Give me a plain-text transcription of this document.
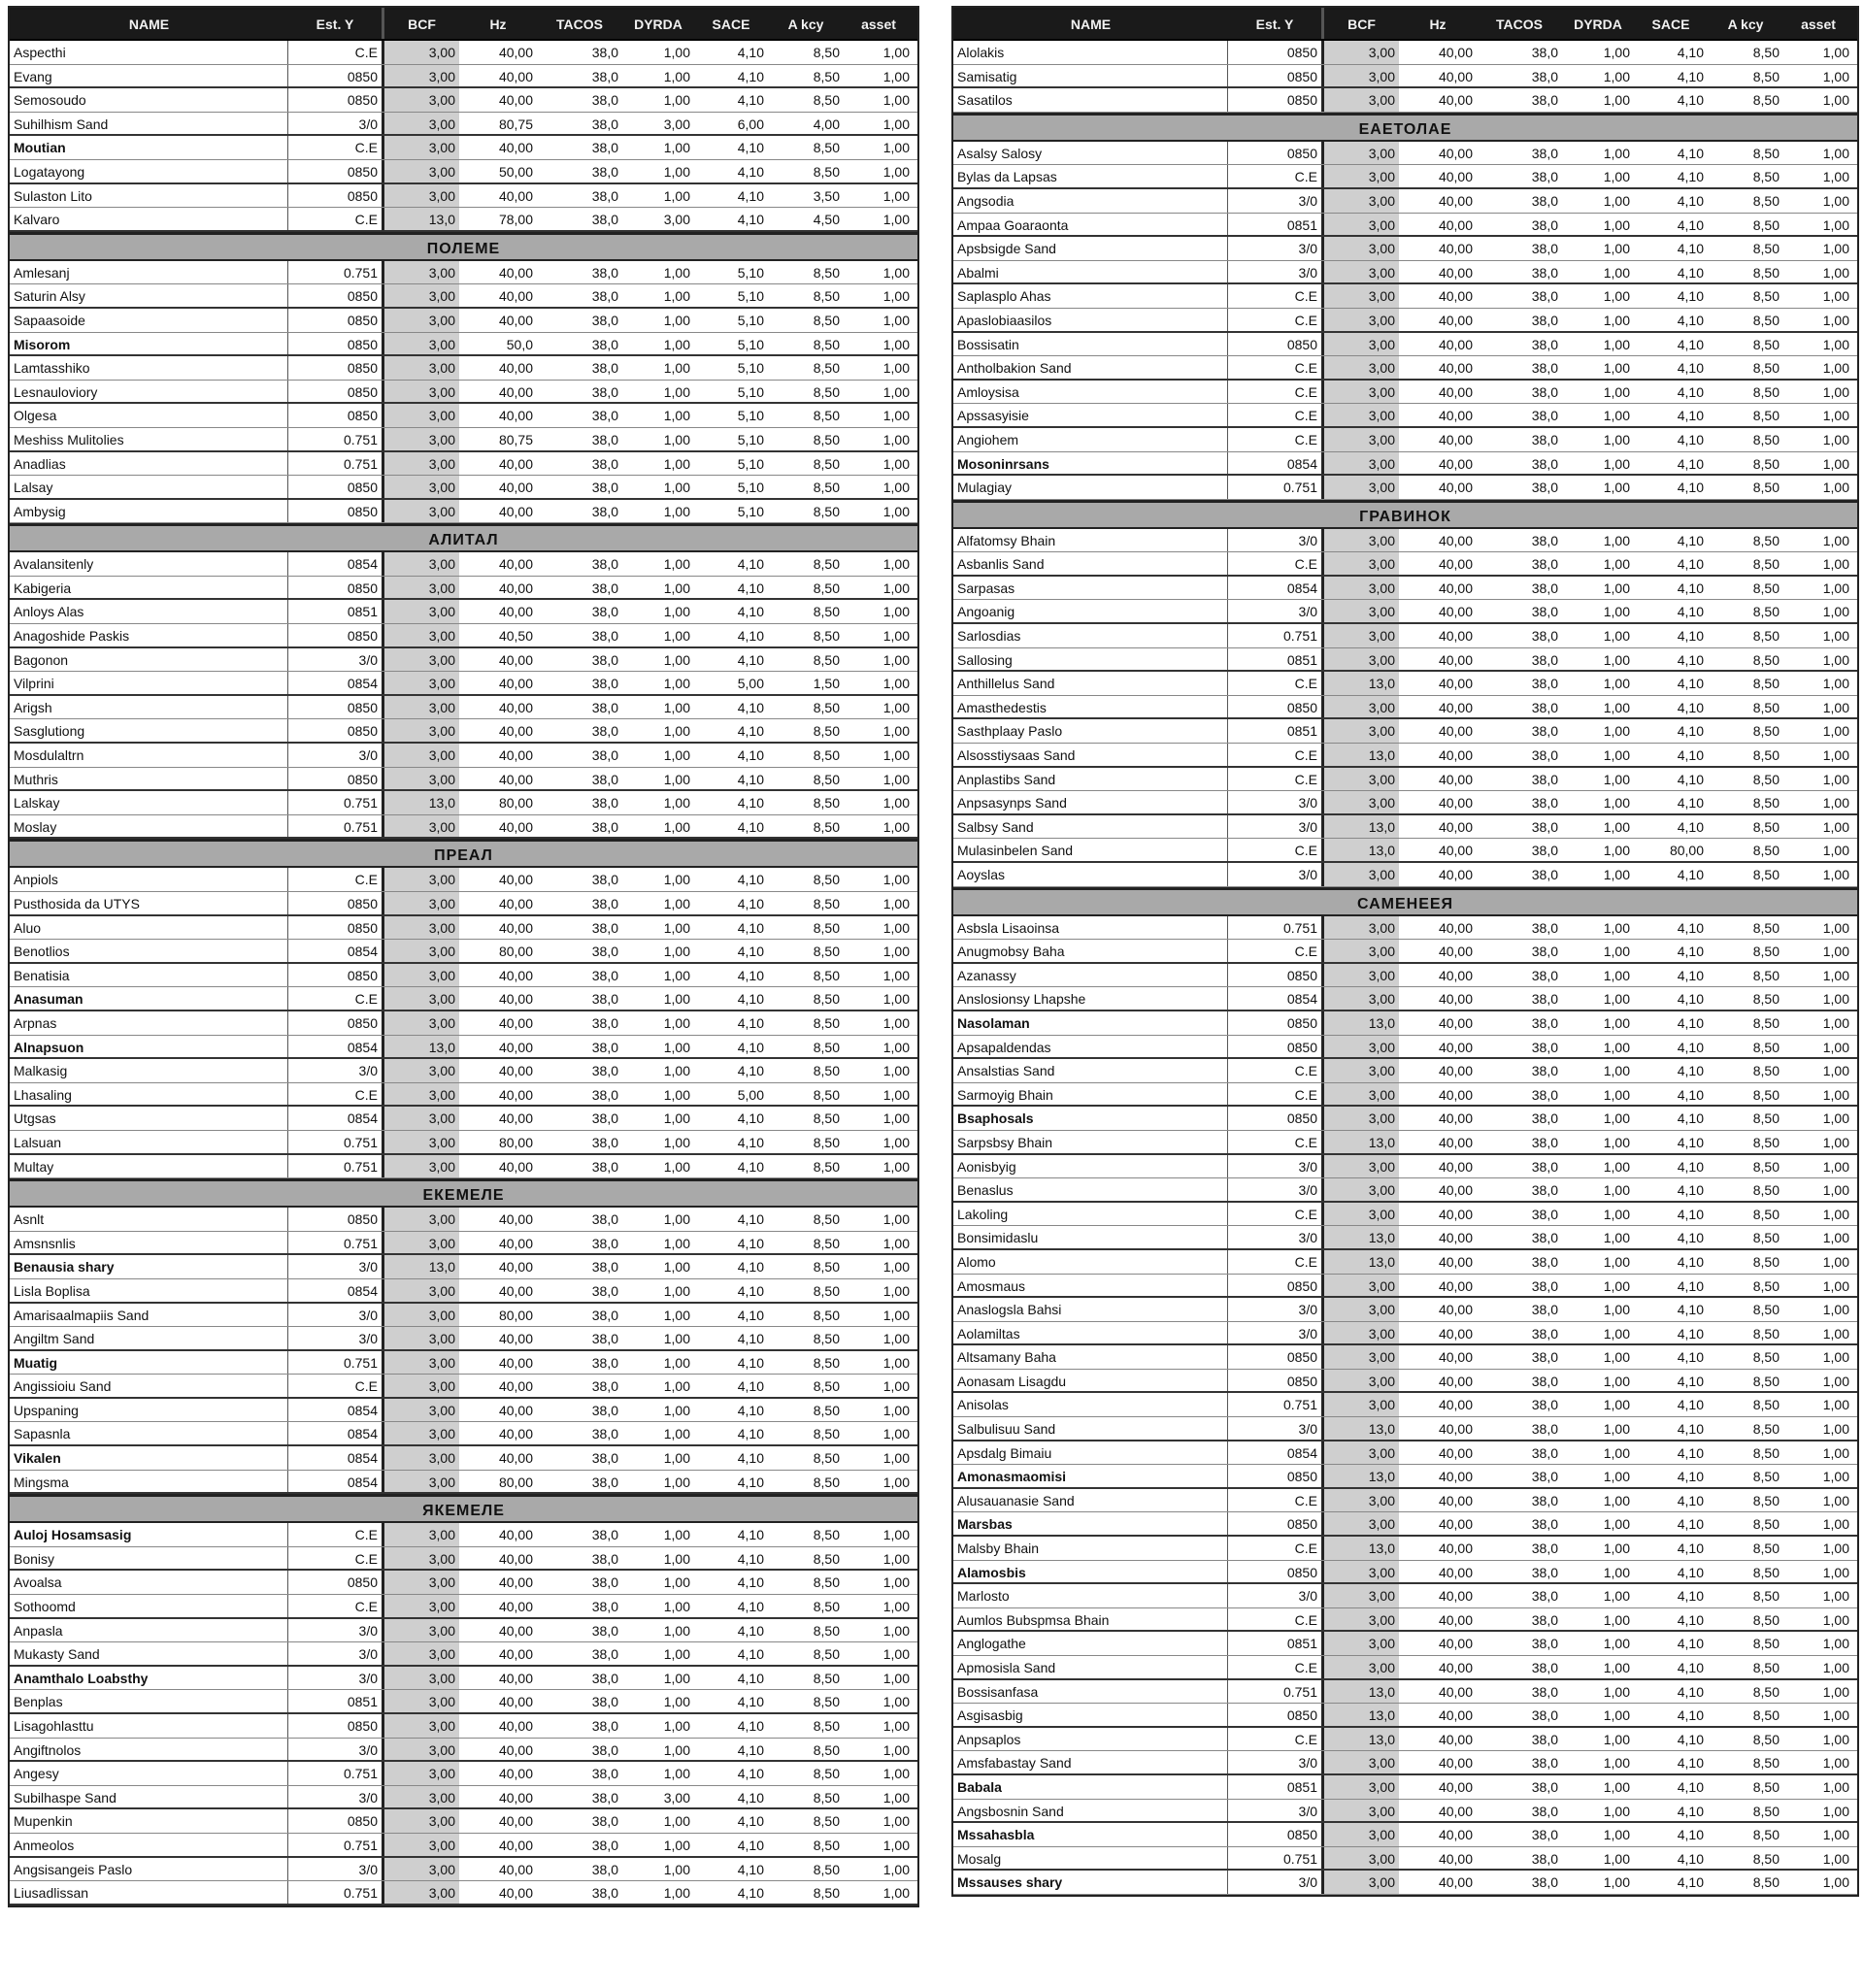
NAME	Est. Y	BCF	Hz	TACOS	DYRDA	SACE	A kcy	asset
Aspecthi	C.E	3,00	40,00	38,0	1,00	4,10	8,50	1,00
Evang	0850	3,00	40,00	38,0	1,00	4,10	8,50	1,00
Semosoudo	0850	3,00	40,00	38,0	1,00	4,10	8,50	1,00
Suhilhism Sand	3/0	3,00	80,75	38,0	3,00	6,00	4,00	1,00
Moutian	C.E	3,00	40,00	38,0	1,00	4,10	8,50	1,00
Logatayong	0850	3,00	50,00	38,0	1,00	4,10	8,50	1,00
Sulaston Lito	0850	3,00	40,00	38,0	1,00	4,10	3,50	1,00
Kalvaro	C.E	13,0	78,00	38,0	3,00	4,10	4,50	1,00
ПОЛЕМЕ
Amlesanj	0.751	3,00	40,00	38,0	1,00	5,10	8,50	1,00
Saturin Alsy	0850	3,00	40,00	38,0	1,00	5,10	8,50	1,00
Sapaasoide	0850	3,00	40,00	38,0	1,00	5,10	8,50	1,00
Misorom	0850	3,00	50,0	38,0	1,00	5,10	8,50	1,00
Lamtasshiko	0850	3,00	40,00	38,0	1,00	5,10	8,50	1,00
Lesnauloviory	0850	3,00	40,00	38,0	1,00	5,10	8,50	1,00
Olgesa	0850	3,00	40,00	38,0	1,00	5,10	8,50	1,00
Meshiss Mulitolies	0.751	3,00	80,75	38,0	1,00	5,10	8,50	1,00
Anadlias	0.751	3,00	40,00	38,0	1,00	5,10	8,50	1,00
Lalsay	0850	3,00	40,00	38,0	1,00	5,10	8,50	1,00
Ambysig	0850	3,00	40,00	38,0	1,00	5,10	8,50	1,00
АЛИТАЛ
Avalansitenly	0854	3,00	40,00	38,0	1,00	4,10	8,50	1,00
Kabigeria	0850	3,00	40,00	38,0	1,00	4,10	8,50	1,00
Anloys Alas	0851	3,00	40,00	38,0	1,00	4,10	8,50	1,00
Anagoshide Paskis	0850	3,00	40,50	38,0	1,00	4,10	8,50	1,00
Bagonon	3/0	3,00	40,00	38,0	1,00	4,10	8,50	1,00
Vilprini	0854	3,00	40,00	38,0	1,00	5,00	1,50	1,00
Arigsh	0850	3,00	40,00	38,0	1,00	4,10	8,50	1,00
Sasglutiong	0850	3,00	40,00	38,0	1,00	4,10	8,50	1,00
Mosdulaltrn	3/0	3,00	40,00	38,0	1,00	4,10	8,50	1,00
Muthris	0850	3,00	40,00	38,0	1,00	4,10	8,50	1,00
Lalskay	0.751	13,0	80,00	38,0	1,00	4,10	8,50	1,00
Moslay	0.751	3,00	40,00	38,0	1,00	4,10	8,50	1,00
ПРЕАЛ
Anpiols	C.E	3,00	40,00	38,0	1,00	4,10	8,50	1,00
Pusthosida da UTYS	0850	3,00	40,00	38,0	1,00	4,10	8,50	1,00
Aluo	0850	3,00	40,00	38,0	1,00	4,10	8,50	1,00
Benotlios	0854	3,00	80,00	38,0	1,00	4,10	8,50	1,00
Benatisia	0850	3,00	40,00	38,0	1,00	4,10	8,50	1,00
Anasuman	C.E	3,00	40,00	38,0	1,00	4,10	8,50	1,00
Arpnas	0850	3,00	40,00	38,0	1,00	4,10	8,50	1,00
Alnapsuon	0854	13,0	40,00	38,0	1,00	4,10	8,50	1,00
Malkasig	3/0	3,00	40,00	38,0	1,00	4,10	8,50	1,00
Lhasaling	C.E	3,00	40,00	38,0	1,00	5,00	8,50	1,00
Utgsas	0854	3,00	40,00	38,0	1,00	4,10	8,50	1,00
Lalsuan	0.751	3,00	80,00	38,0	1,00	4,10	8,50	1,00
Multay	0.751	3,00	40,00	38,0	1,00	4,10	8,50	1,00
ЕКЕМЕЛЕ
Asnlt	0850	3,00	40,00	38,0	1,00	4,10	8,50	1,00
Amsnsnlis	0.751	3,00	40,00	38,0	1,00	4,10	8,50	1,00
Benausia shary	3/0	13,0	40,00	38,0	1,00	4,10	8,50	1,00
Lisla Boplisa	0854	3,00	40,00	38,0	1,00	4,10	8,50	1,00
Amarisaalmapiis Sand	3/0	3,00	80,00	38,0	1,00	4,10	8,50	1,00
Angiltm Sand	3/0	3,00	40,00	38,0	1,00	4,10	8,50	1,00
Muatig	0.751	3,00	40,00	38,0	1,00	4,10	8,50	1,00
Angissioiu Sand	C.E	3,00	40,00	38,0	1,00	4,10	8,50	1,00
Upspaning	0854	3,00	40,00	38,0	1,00	4,10	8,50	1,00
Sapasnla	0854	3,00	40,00	38,0	1,00	4,10	8,50	1,00
Vikalen	0854	3,00	40,00	38,0	1,00	4,10	8,50	1,00
Mingsma	0854	3,00	80,00	38,0	1,00	4,10	8,50	1,00
ЯКЕМЕЛЕ
Auloj Hosamsasig	C.E	3,00	40,00	38,0	1,00	4,10	8,50	1,00
Bonisy	C.E	3,00	40,00	38,0	1,00	4,10	8,50	1,00
Avoalsa	0850	3,00	40,00	38,0	1,00	4,10	8,50	1,00
Sothoomd	C.E	3,00	40,00	38,0	1,00	4,10	8,50	1,00
Anpasla	3/0	3,00	40,00	38,0	1,00	4,10	8,50	1,00
Mukasty Sand	3/0	3,00	40,00	38,0	1,00	4,10	8,50	1,00
Anamthalo Loabsthy	3/0	3,00	40,00	38,0	1,00	4,10	8,50	1,00
Benplas	0851	3,00	40,00	38,0	1,00	4,10	8,50	1,00
Lisagohlasttu	0850	3,00	40,00	38,0	1,00	4,10	8,50	1,00
Angiftnolos	3/0	3,00	40,00	38,0	1,00	4,10	8,50	1,00
Angesy	0.751	3,00	40,00	38,0	1,00	4,10	8,50	1,00
Subilhaspe Sand	3/0	3,00	40,00	38,0	3,00	4,10	8,50	1,00
Mupenkin	0850	3,00	40,00	38,0	1,00	4,10	8,50	1,00
Anmeolos	0.751	3,00	40,00	38,0	1,00	4,10	8,50	1,00
Angsisangeis Paslo	3/0	3,00	40,00	38,0	1,00	4,10	8,50	1,00
Liusadlissan	0.751	3,00	40,00	38,0	1,00	4,10	8,50	1,00
NAME	Est. Y	BCF	Hz	TACOS	DYRDA	SACE	A kcy	asset
Alolakis	0850	3,00	40,00	38,0	1,00	4,10	8,50	1,00
Samisatig	0850	3,00	40,00	38,0	1,00	4,10	8,50	1,00
Sasatilos	0850	3,00	40,00	38,0	1,00	4,10	8,50	1,00
ЕАЕТОЛАЕ
Asalsy Salosy	0850	3,00	40,00	38,0	1,00	4,10	8,50	1,00
Bylas da Lapsas	C.E	3,00	40,00	38,0	1,00	4,10	8,50	1,00
Angsodia	3/0	3,00	40,00	38,0	1,00	4,10	8,50	1,00
Ampaa Goaraonta	0851	3,00	40,00	38,0	1,00	4,10	8,50	1,00
Apsbsigde Sand	3/0	3,00	40,00	38,0	1,00	4,10	8,50	1,00
Abalmi	3/0	3,00	40,00	38,0	1,00	4,10	8,50	1,00
Saplasplo Ahas	C.E	3,00	40,00	38,0	1,00	4,10	8,50	1,00
Apaslobiaasilos	C.E	3,00	40,00	38,0	1,00	4,10	8,50	1,00
Bossisatin	0850	3,00	40,00	38,0	1,00	4,10	8,50	1,00
Antholbakion Sand	C.E	3,00	40,00	38,0	1,00	4,10	8,50	1,00
Amloysisa	C.E	3,00	40,00	38,0	1,00	4,10	8,50	1,00
Apssasyisie	C.E	3,00	40,00	38,0	1,00	4,10	8,50	1,00
Angiohem	C.E	3,00	40,00	38,0	1,00	4,10	8,50	1,00
Mosoninrsans	0854	3,00	40,00	38,0	1,00	4,10	8,50	1,00
Mulagiay	0.751	3,00	40,00	38,0	1,00	4,10	8,50	1,00
ГРАВИНОК
Alfatomsy Bhain	3/0	3,00	40,00	38,0	1,00	4,10	8,50	1,00
Asbanlis Sand	C.E	3,00	40,00	38,0	1,00	4,10	8,50	1,00
Sarpasas	0854	3,00	40,00	38,0	1,00	4,10	8,50	1,00
Angoanig	3/0	3,00	40,00	38,0	1,00	4,10	8,50	1,00
Sarlosdias	0.751	3,00	40,00	38,0	1,00	4,10	8,50	1,00
Sallosing	0851	3,00	40,00	38,0	1,00	4,10	8,50	1,00
Anthillelus Sand	C.E	13,0	40,00	38,0	1,00	4,10	8,50	1,00
Amasthedestis	0850	3,00	40,00	38,0	1,00	4,10	8,50	1,00
Sasthplaay Paslo	0851	3,00	40,00	38,0	1,00	4,10	8,50	1,00
Alsosstiysaas Sand	C.E	13,0	40,00	38,0	1,00	4,10	8,50	1,00
Anplastibs Sand	C.E	3,00	40,00	38,0	1,00	4,10	8,50	1,00
Anpsasynps Sand	3/0	3,00	40,00	38,0	1,00	4,10	8,50	1,00
Salbsy Sand	3/0	13,0	40,00	38,0	1,00	4,10	8,50	1,00
Mulasinbelen Sand	C.E	13,0	40,00	38,0	1,00	80,00	8,50	1,00
Aoyslas	3/0	3,00	40,00	38,0	1,00	4,10	8,50	1,00
САМЕНЕЕЯ
Asbsla Lisaoinsa	0.751	3,00	40,00	38,0	1,00	4,10	8,50	1,00
Anugmobsy Baha	C.E	3,00	40,00	38,0	1,00	4,10	8,50	1,00
Azanassy	0850	3,00	40,00	38,0	1,00	4,10	8,50	1,00
Anslosionsy Lhapshe	0854	3,00	40,00	38,0	1,00	4,10	8,50	1,00
Nasolaman	0850	13,0	40,00	38,0	1,00	4,10	8,50	1,00
Apsapaldendas	0850	3,00	40,00	38,0	1,00	4,10	8,50	1,00
Ansalstias Sand	C.E	3,00	40,00	38,0	1,00	4,10	8,50	1,00
Sarmoyig Bhain	C.E	3,00	40,00	38,0	1,00	4,10	8,50	1,00
Bsaphosals	0850	3,00	40,00	38,0	1,00	4,10	8,50	1,00
Sarpsbsy Bhain	C.E	13,0	40,00	38,0	1,00	4,10	8,50	1,00
Aonisbyig	3/0	3,00	40,00	38,0	1,00	4,10	8,50	1,00
Benaslus	3/0	3,00	40,00	38,0	1,00	4,10	8,50	1,00
Lakoling	C.E	3,00	40,00	38,0	1,00	4,10	8,50	1,00
Bonsimidaslu	3/0	13,0	40,00	38,0	1,00	4,10	8,50	1,00
Alomo	C.E	13,0	40,00	38,0	1,00	4,10	8,50	1,00
Amosmaus	0850	3,00	40,00	38,0	1,00	4,10	8,50	1,00
Anaslogsla Bahsi	3/0	3,00	40,00	38,0	1,00	4,10	8,50	1,00
Aolamiltas	3/0	3,00	40,00	38,0	1,00	4,10	8,50	1,00
Altsamany Baha	0850	3,00	40,00	38,0	1,00	4,10	8,50	1,00
Aonasam Lisagdu	0850	3,00	40,00	38,0	1,00	4,10	8,50	1,00
Anisolas	0.751	3,00	40,00	38,0	1,00	4,10	8,50	1,00
Salbulisuu Sand	3/0	13,0	40,00	38,0	1,00	4,10	8,50	1,00
Apsdalg Bimaiu	0854	3,00	40,00	38,0	1,00	4,10	8,50	1,00
Amonasmaomisi	0850	13,0	40,00	38,0	1,00	4,10	8,50	1,00
Alusauanasie Sand	C.E	3,00	40,00	38,0	1,00	4,10	8,50	1,00
Marsbas	0850	3,00	40,00	38,0	1,00	4,10	8,50	1,00
Malsby Bhain	C.E	13,0	40,00	38,0	1,00	4,10	8,50	1,00
Alamosbis	0850	3,00	40,00	38,0	1,00	4,10	8,50	1,00
Marlosto	3/0	3,00	40,00	38,0	1,00	4,10	8,50	1,00
Aumlos Bubspmsa Bhain	C.E	3,00	40,00	38,0	1,00	4,10	8,50	1,00
Anglogathe	0851	3,00	40,00	38,0	1,00	4,10	8,50	1,00
Apmosisla Sand	C.E	3,00	40,00	38,0	1,00	4,10	8,50	1,00
Bossisanfasa	0.751	13,0	40,00	38,0	1,00	4,10	8,50	1,00
Asgisasbig	0850	13,0	40,00	38,0	1,00	4,10	8,50	1,00
Anpsaplos	C.E	13,0	40,00	38,0	1,00	4,10	8,50	1,00
Amsfabastay Sand	3/0	3,00	40,00	38,0	1,00	4,10	8,50	1,00
Babala	0851	3,00	40,00	38,0	1,00	4,10	8,50	1,00
Angsbosnin Sand	3/0	3,00	40,00	38,0	1,00	4,10	8,50	1,00
Mssahasbla	0850	3,00	40,00	38,0	1,00	4,10	8,50	1,00
Mosalg	0.751	3,00	40,00	38,0	1,00	4,10	8,50	1,00
Mssauses shary	3/0	3,00	40,00	38,0	1,00	4,10	8,50	1,00
